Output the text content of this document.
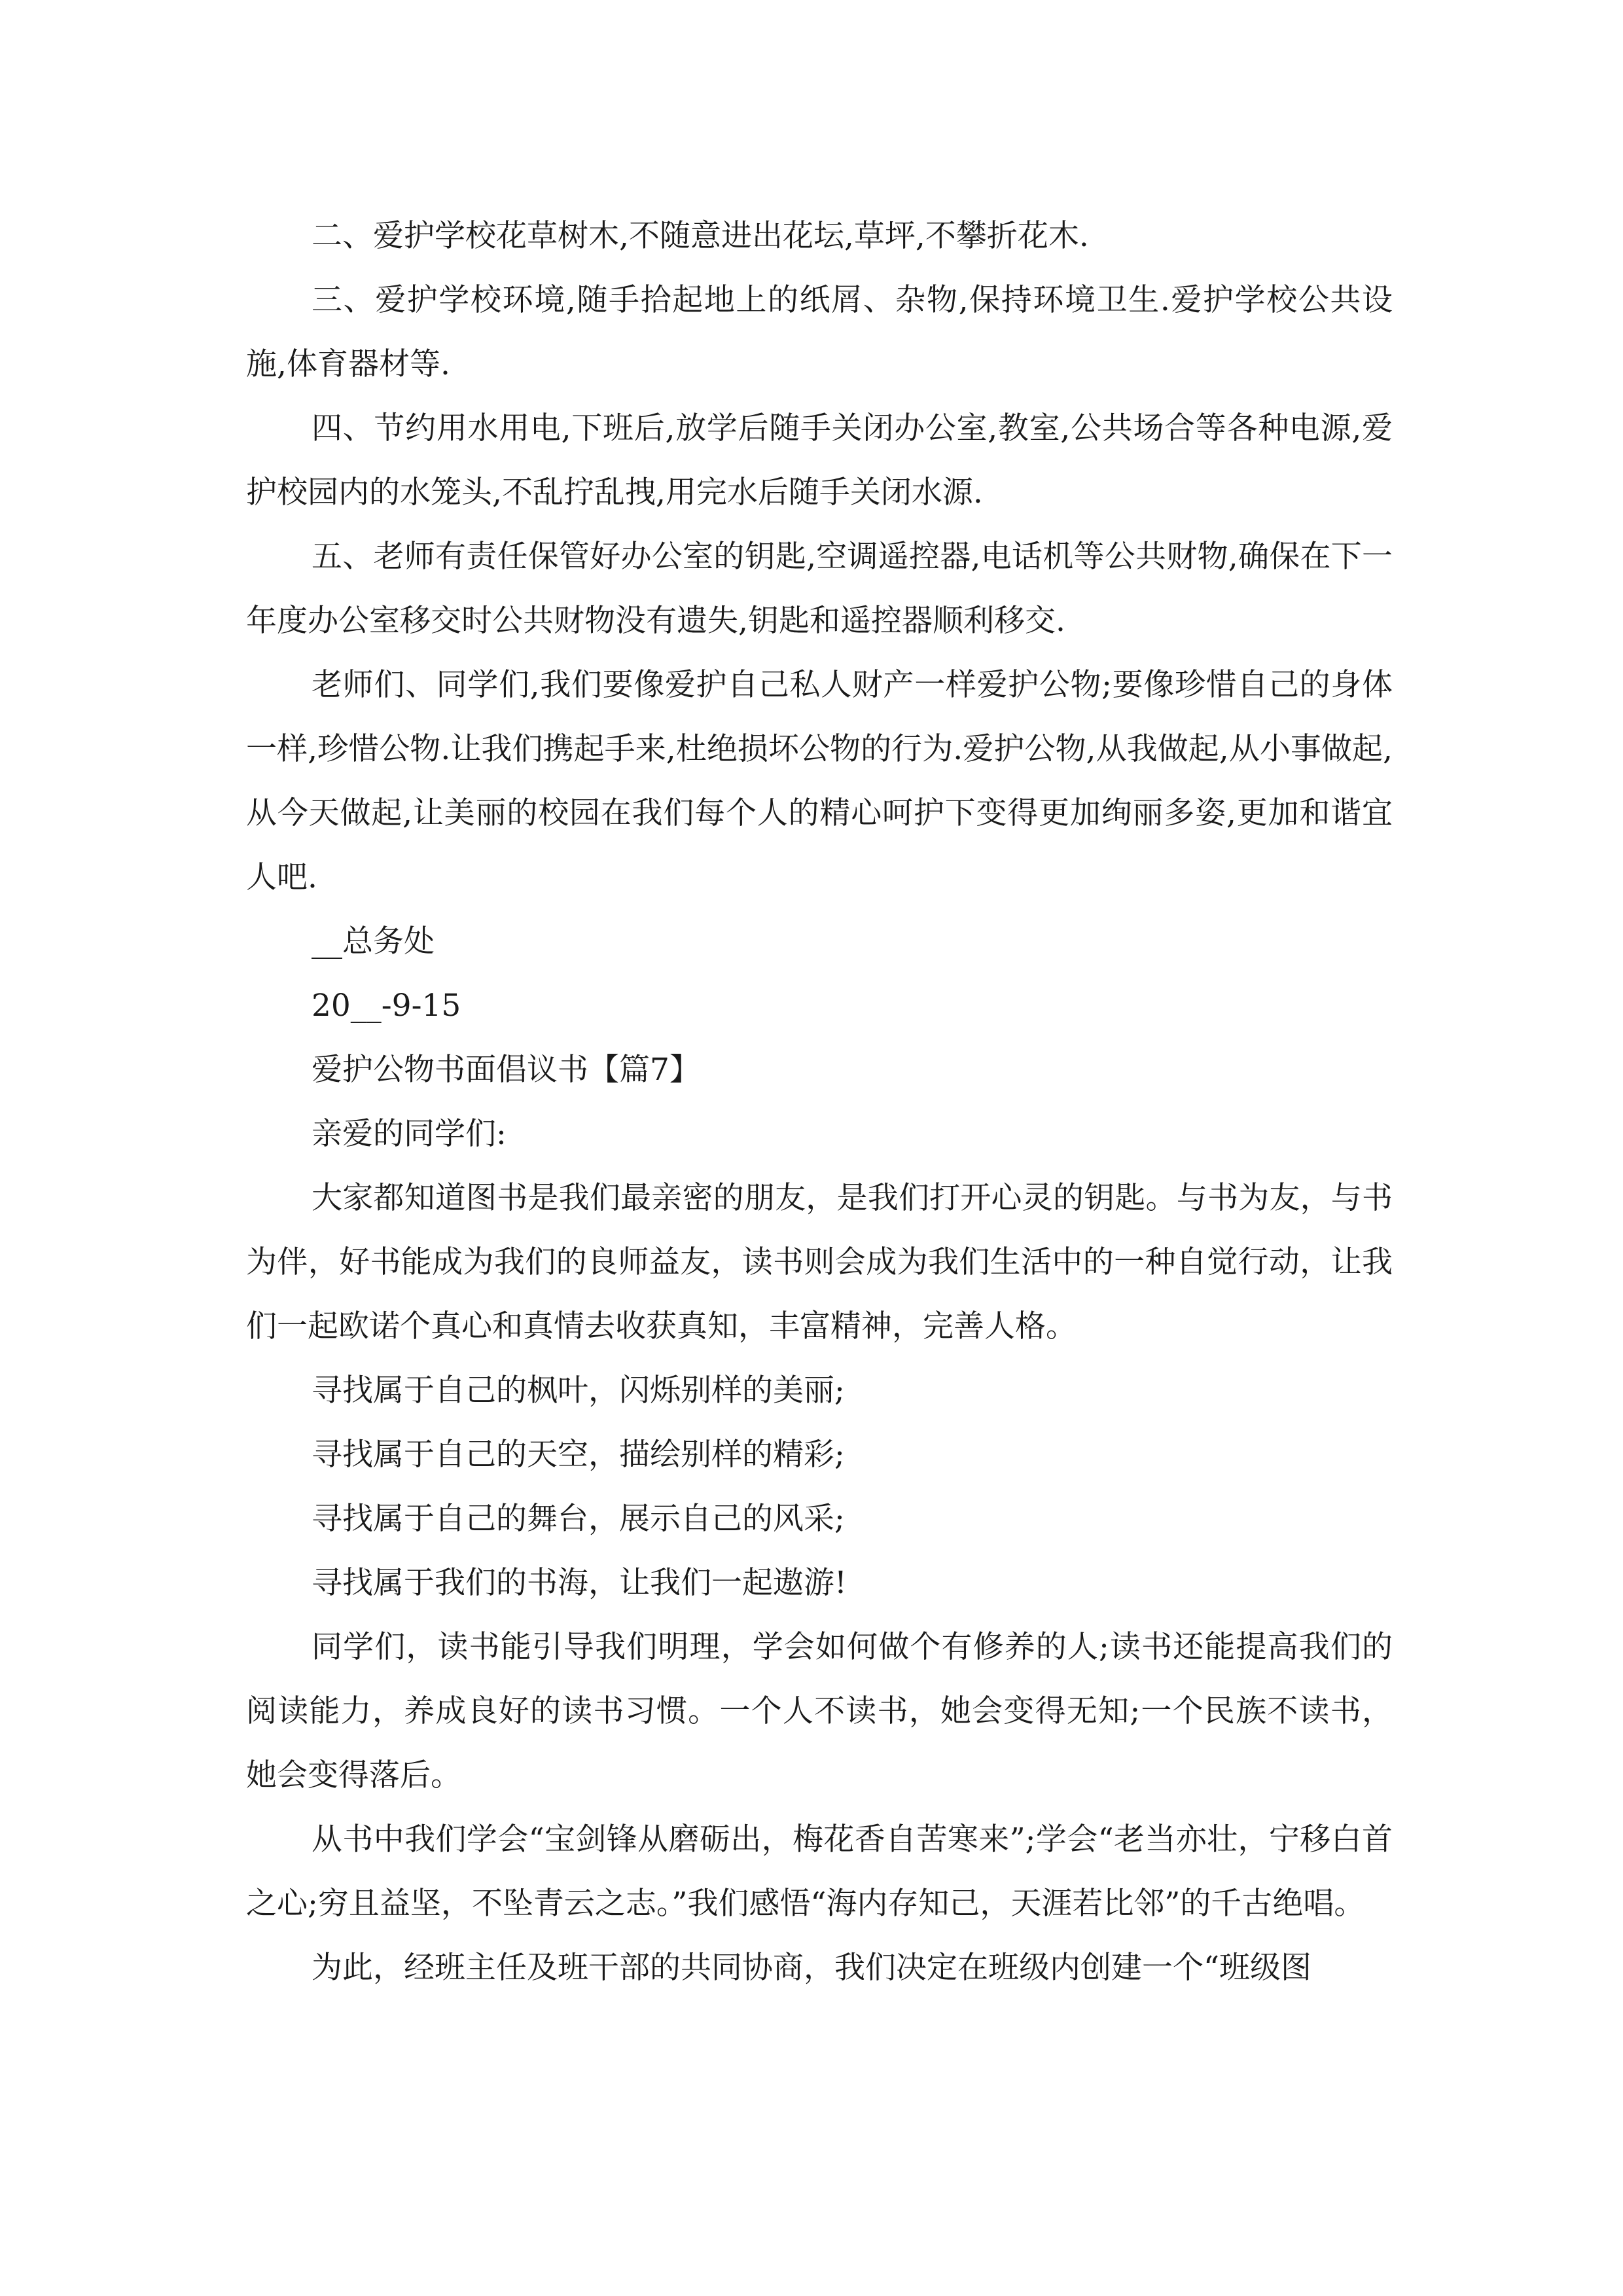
二、爱护学校花草树木,不随意进出花坛,草坪,不攀折花木.

三、爱护学校环境,随手拾起地上的纸屑、杂物,保持环境卫生.爱护学校公共设施,体育器材等.

四、节约用水用电,下班后,放学后随手关闭办公室,教室,公共场合等各种电源,爱护校园内的水笼头,不乱拧乱拽,用完水后随手关闭水源.

五、老师有责任保管好办公室的钥匙,空调遥控器,电话机等公共财物,确保在下一年度办公室移交时公共财物没有遗失,钥匙和遥控器顺利移交.

老师们、同学们,我们要像爱护自己私人财产一样爱护公物;要像珍惜自己的身体一样,珍惜公物.让我们携起手来,杜绝损坏公物的行为.爱护公物,从我做起,从小事做起,从今天做起,让美丽的校园在我们每个人的精心呵护下变得更加绚丽多姿,更加和谐宜人吧.

__总务处

20__-9-15

爱护公物书面倡议书【篇7】

亲爱的同学们:

大家都知道图书是我们最亲密的朋友，是我们打开心灵的钥匙。与书为友，与书为伴，好书能成为我们的良师益友，读书则会成为我们生活中的一种自觉行动，让我们一起欧诺个真心和真情去收获真知，丰富精神，完善人格。

寻找属于自己的枫叶，闪烁别样的美丽;

寻找属于自己的天空，描绘别样的精彩;

寻找属于自己的舞台，展示自己的风采;

寻找属于我们的书海，让我们一起遨游!

同学们，读书能引导我们明理，学会如何做个有修养的人;读书还能提高我们的阅读能力，养成良好的读书习惯。一个人不读书，她会变得无知;一个民族不读书，她会变得落后。

从书中我们学会“宝剑锋从磨砺出，梅花香自苦寒来”;学会“老当亦壮，宁移白首之心;穷且益坚，不坠青云之志。”我们感悟“海内存知己，天涯若比邻”的千古绝唱。

为此，经班主任及班干部的共同协商，我们决定在班级内创建一个“班级图
